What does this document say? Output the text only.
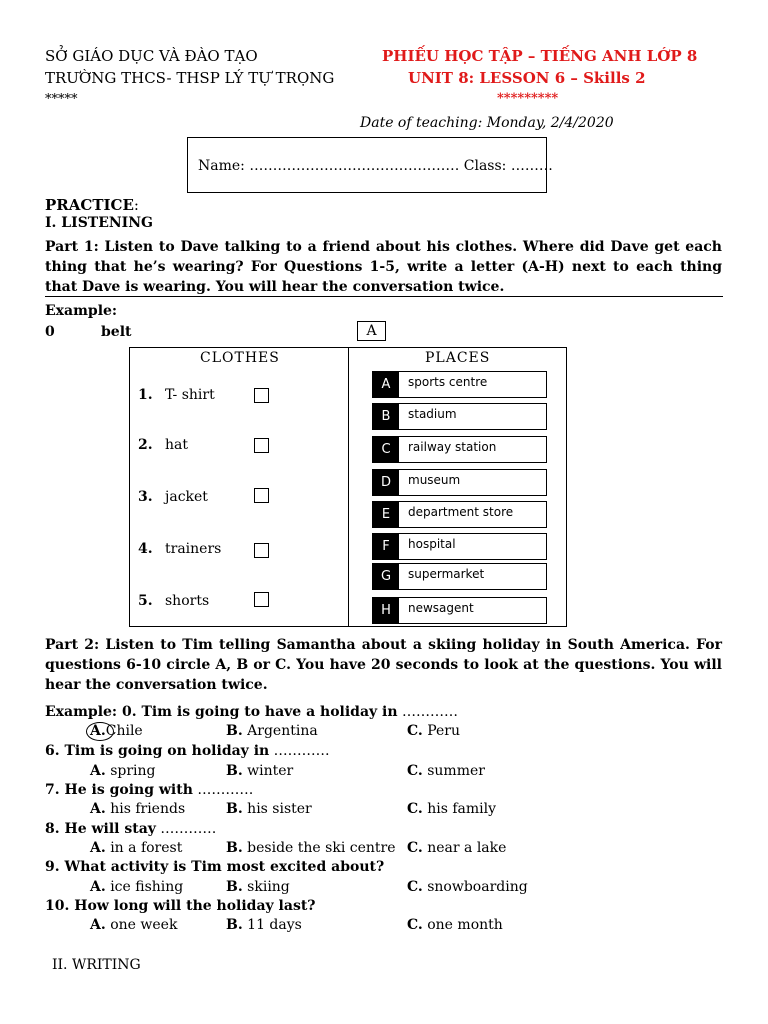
SỞ GIÁO DỤC VÀ ĐÀO TẠO
TRƯỜNG THCS- THSP LÝ TỰ TRỌNG
*****
PHIẾU HỌC TẬP – TIẾNG ANH LỚP 8
UNIT 8: LESSON 6 – Skills 2
*********
Date of teaching: Monday, 2/4/2020
Name: ……………………………………… Class: ………
PRACTICE:
I. LISTENING
Part 1: Listen to Dave talking to a friend about his clothes. Where did Dave get each thing that he’s wearing? For Questions 1-5, write a letter (A-H) next to each thing that Dave is wearing. You will hear the conversation twice.
Example:
0	belt	A
CLOTHES	PLACES
1. T- shirt
2. hat
3. jacket
4. trainers
5. shorts
A	sports centre
B	stadium
C	railway station
D	museum
E	department store
F	hospital
G	supermarket
H	newsagent
Part 2: Listen to Tim telling Samantha about a skiing holiday in South America. For questions 6-10 circle A, B or C. You have 20 seconds to look at the questions. You will hear the conversation twice.
Example: 0. Tim is going to have a holiday in …………
A.Chile	B. Argentina	C. Peru
6. Tim is going on holiday in …………
A. spring	B. winter	C. summer
7. He is going with …………
A. his friends	B. his sister	C. his family
8. He will stay …………
A. in a forest	B. beside the ski centre C. near a lake
9. What activity is Tim most excited about?
A. ice fishing	B. skiing	C. snowboarding
10. How long will the holiday last?
A. one week	B. 11 days	C. one month
II. WRITING
